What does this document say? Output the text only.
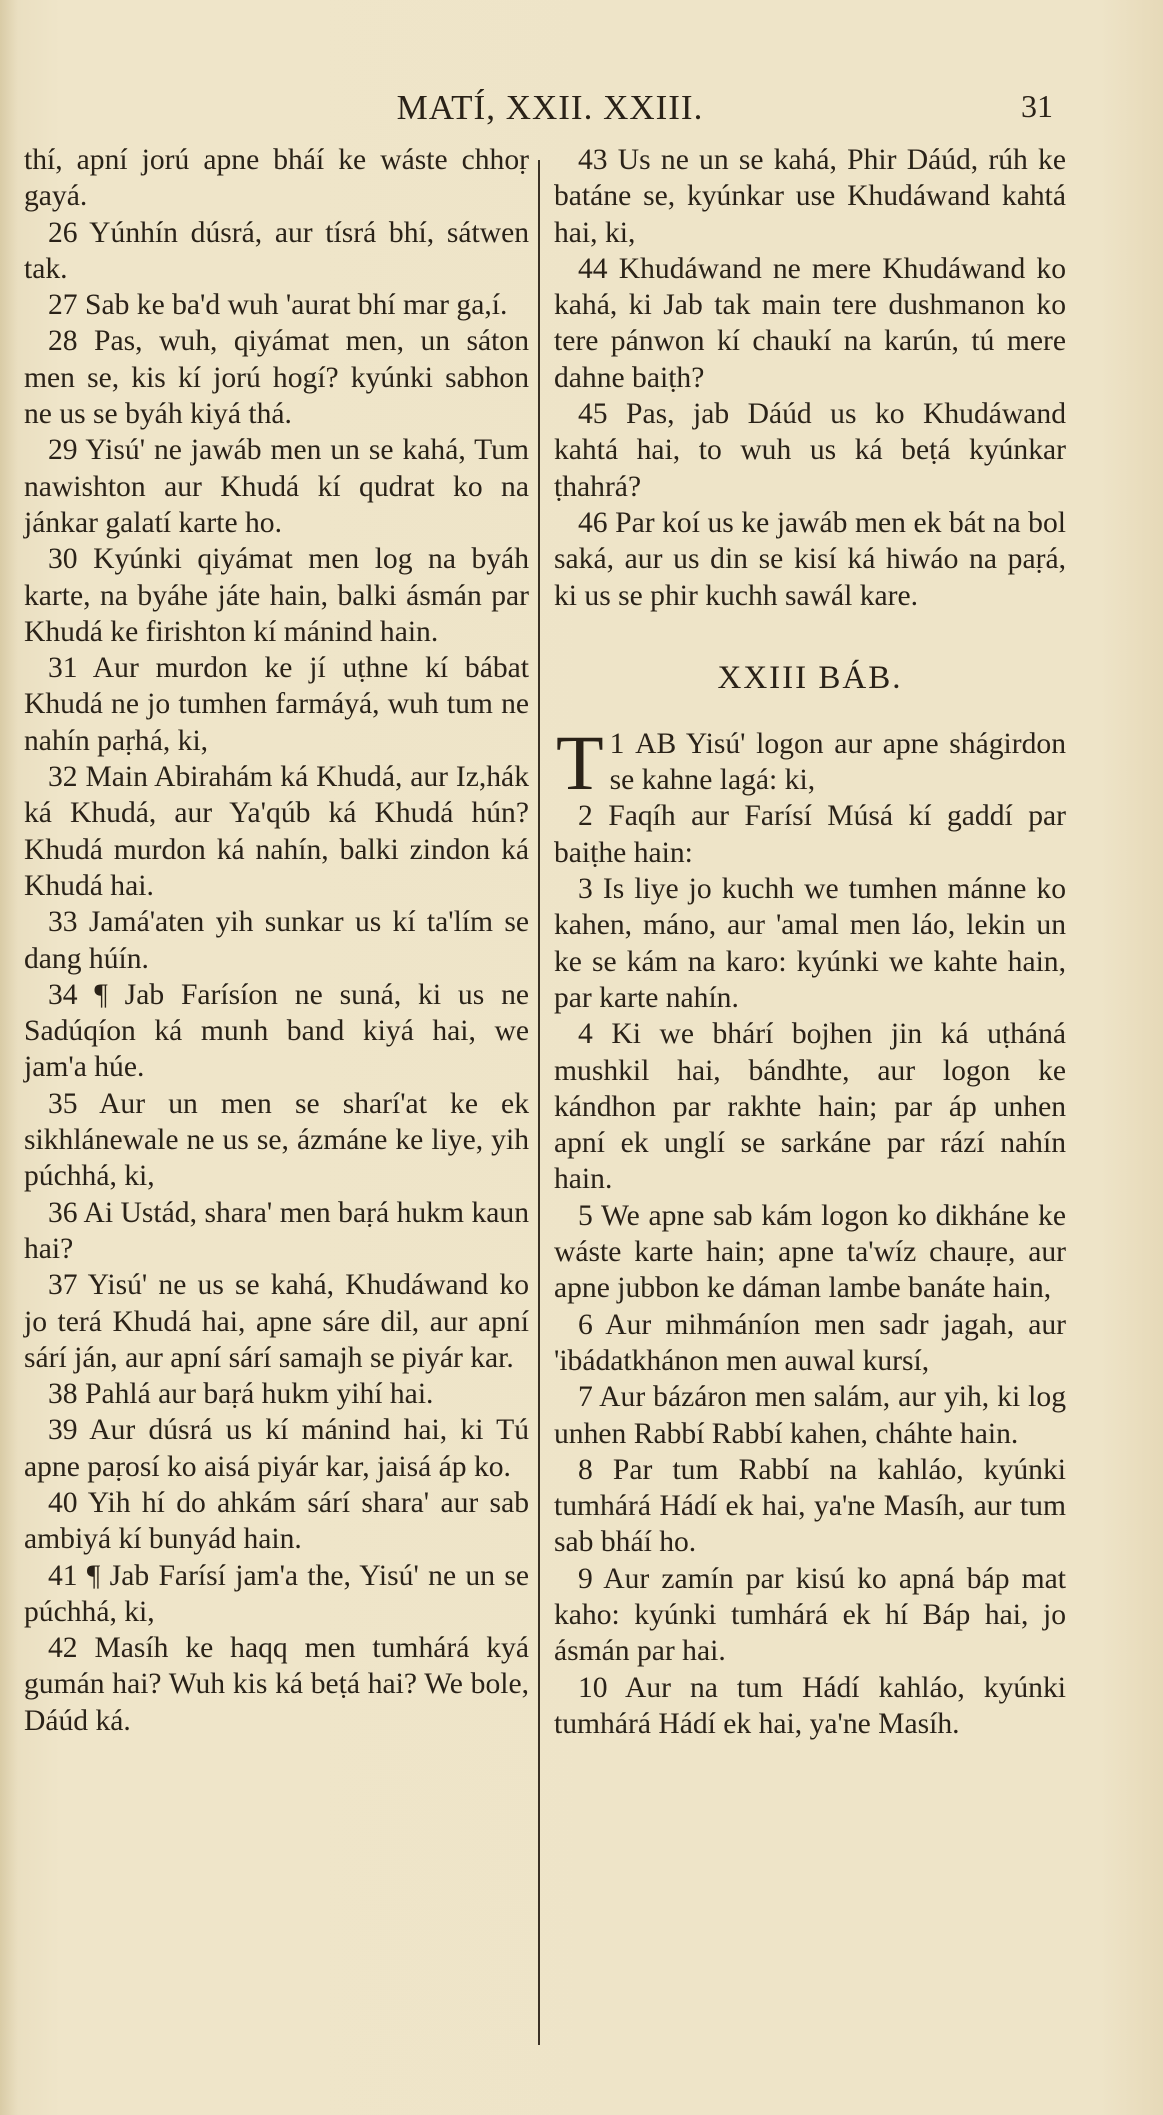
MATÍ, XXII. XXIII.	31

thí, apní jorú apne bháí ke wáste chhoṛ gayá.

26 Yúnhín dúsrá, aur tísrá bhí, sátwen tak.

27 Sab ke ba'd wuh 'aurat bhí mar ga,í.

28 Pas, wuh, qiyámat men, un sáton men se, kis kí jorú hogí? kyúnki sabhon ne us se byáh kiyá thá.

29 Yisú' ne jawáb men un se kahá, Tum nawishton aur Khudá kí qudrat ko na jánkar galatí karte ho.

30 Kyúnki qiyámat men log na byáh karte, na byáhe játe hain, balki ásmán par Khudá ke firishton kí mánind hain.

31 Aur murdon ke jí uṭhne kí bábat Khudá ne jo tumhen farmáyá, wuh tum ne nahín paṛhá, ki,

32 Main Abirahám ká Khudá, aur Iz,hák ká Khudá, aur Ya'qúb ká Khudá hún? Khudá murdon ká nahín, balki zindon ká Khudá hai.

33 Jamá'aten yih sunkar us kí ta'lím se dang húín.

34 ¶ Jab Farísíon ne suná, ki us ne Sadúqíon ká munh band kiyá hai, we jam'a húe.

35 Aur un men se sharí'at ke ek sikhlánewale ne us se, ázmáne ke liye, yih púchhá, ki,

36 Ai Ustád, shara' men baṛá hukm kaun hai?

37 Yisú' ne us se kahá, Khudáwand ko jo terá Khudá hai, apne sáre dil, aur apní sárí ján, aur apní sárí samajh se piyár kar.

38 Pahlá aur baṛá hukm yihí hai.

39 Aur dúsrá us kí mánind hai, ki Tú apne paṛosí ko aisá piyár kar, jaisá áp ko.

40 Yih hí do ahkám sárí shara' aur sab ambiyá kí bunyád hain.

41 ¶ Jab Farísí jam'a the, Yisú' ne un se púchhá, ki,

42 Masíh ke haqq men tumhárá kyá gumán hai? Wuh kis ká beṭá hai? We bole, Dáúd ká.

43 Us ne un se kahá, Phir Dáúd, rúh ke batáne se, kyúnkar use Khudáwand kahtá hai, ki,

44 Khudáwand ne mere Khudáwand ko kahá, ki Jab tak main tere dushmanon ko tere pánwon kí chaukí na karún, tú mere dahne baiṭh?

45 Pas, jab Dáúd us ko Khudáwand kahtá hai, to wuh us ká beṭá kyúnkar ṭhahrá?

46 Par koí us ke jawáb men ek bát na bol saká, aur us din se kisí ká hiwáo na paṛá, ki us se phir kuchh sawál kare.

XXIII BÁB.

1
T AB Yisú' logon aur apne shágirdon se kahne lagá: ki,

2 Faqíh aur Farísí Músá kí gaddí par baiṭhe hain:

3 Is liye jo kuchh we tumhen mánne ko kahen, máno, aur 'amal men láo, lekin un ke se kám na karo: kyúnki we kahte hain, par karte nahín.

4 Ki we bhárí bojhen jin ká uṭháná mushkil hai, bándhte, aur logon ke kándhon par rakhte hain; par áp unhen apní ek unglí se sarkáne par rází nahín hain.

5 We apne sab kám logon ko dikháne ke wáste karte hain; apne ta'wíz chauṛe, aur apne jubbon ke dáman lambe banáte hain,

6 Aur mihmáníon men sadr jagah, aur 'ibádatkhánon men auwal kursí,

7 Aur bázáron men salám, aur yih, ki log unhen Rabbí Rabbí kahen, cháhte hain.

8 Par tum Rabbí na kahláo, kyúnki tumhárá Hádí ek hai, ya'ne Masíh, aur tum sab bháí ho.

9 Aur zamín par kisú ko apná báp mat kaho: kyúnki tumhárá ek hí Báp hai, jo ásmán par hai.

10 Aur na tum Hádí kahláo, kyúnki tumhárá Hádí ek hai, ya'ne Masíh.
